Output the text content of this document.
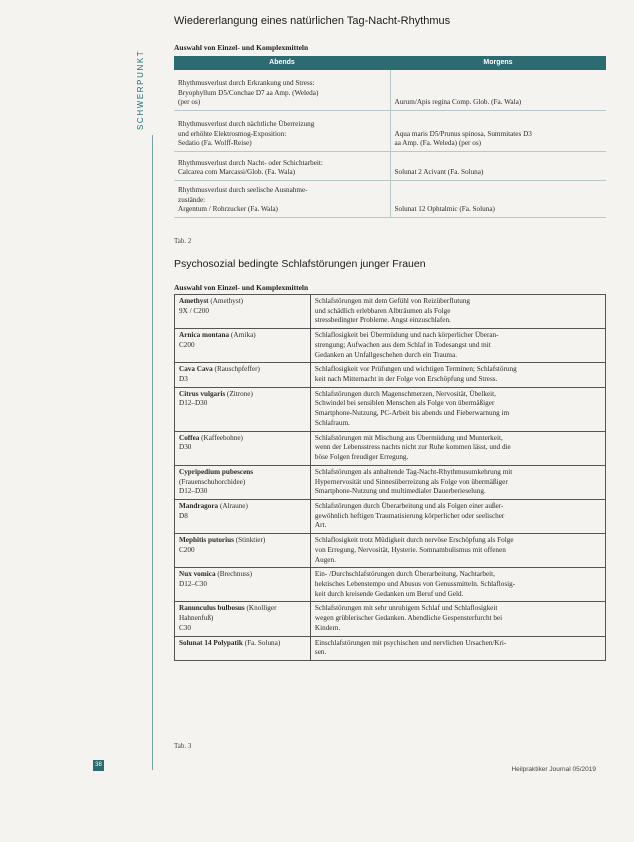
SCHWERPUNKT
Wiedererlangung eines natürlichen Tag-Nacht-Rhythmus

Auswahl von Einzel- und Komplexmitteln

Abends	Morgens

Rhythmusverlust durch Erkrankung und Stress:
Bryophyllum D5/Conchae D7 aa Amp. (Weleda)
(per os)	Aurum/Apis regina Comp. Glob. (Fa. Wala)

Rhythmusverlust durch nächtliche Überreizung
und erhöhte Elektrosmog-Exposition:
Sedatio (Fa. Wolff-Reise)	Aqua maris D5/Prunus spinosa, Summitates D3
aa Amp. (Fa. Weleda) (per os)

Rhythmusverlust durch Nacht- oder Schichtarbeit:
Calcarea com Marcassi/Glob. (Fa. Wala)	Solunat 2 Acivant (Fa. Soluna)

Rhythmusverlust durch seelische Ausnahme-
zustände:
Argentum / Rohrzucker (Fa. Wala)	Solunat 12 Ophtalmic (Fa. Soluna)

Tab. 2

Psychosozial bedingte Schlafstörungen junger Frauen

Auswahl von Einzel- und Komplexmitteln

Amethyst (Amethyst)
9X / C200	Schlafstörungen mit dem Gefühl von Reizüberflutung
und schädlich erlebbaren Albträumen als Folge
stressbedingter Probleme. Angst einzuschlafen.

Arnica montana (Arnika)
C200	Schlaflosigkeit bei Übermüdung und nach körperlicher Überan-
strengung; Aufwachen aus dem Schlaf in Todesangst und mit
Gedanken an Unfallgeschehen durch ein Trauma.

Cava Cava (Rauschpfeffer)
D3	Schlaflosigkeit vor Prüfungen und wichtigen Terminen; Schlafstörung
keit nach Mitternacht in der Folge von Erschöpfung und Stress.

Citrus vulgaris (Zitrone)
D12–D30	Schlafstörungen durch Magenschmerzen, Nervosität, Übelkeit,
Schwindel bei sensiblen Menschen als Folge von übermäßiger
Smartphone-Nutzung, PC-Arbeit bis abends und Fieberwarnung im
Schlafraum.

Coffea (Kaffeebohne)
D30	Schlafstörungen mit Mischung aus Übermüdung und Munterkeit,
wenn der Lebensstress nachts nicht zur Ruhe kommen lässt, und die
böse Folgen freudiger Erregung.

Cypripedium pubescens (Frauenschuhorchidee)
D12–D30	Schlafstörungen als anhaltende Tag-Nacht-Rhythmusumkehrung mit
Hypernervosität und Sinnesüberreizung als Folge von übermäßiger
Smartphone-Nutzung und multimedialer Dauerberieselung.

Mandragora (Alraune)
D8	Schlafstörungen durch Überarbeitung und als Folgen einer außer-
gewöhnlich heftigen Traumatisierung körperlicher oder seelischer
Art.

Mephitis putorius (Stinktier)
C200	Schlaflosigkeit trotz Müdigkeit durch nervöse Erschöpfung als Folge
von Erregung, Nervosität, Hysterie. Somnambulismus mit offenen
Augen.

Nux vomica (Brechnuss)
D12–C30	Ein- /Durchschlafstörungen durch Überarbeitung, Nachtarbeit,
hektisches Lebenstempo und Abusus von Genussmitteln. Schlaflosig-
keit durch kreisende Gedanken um Beruf und Geld.

Ranunculus bulbosus (Knolliger Hahnenfuß)
C30	Schlafstörungen mit sehr unruhigem Schlaf und Schlaflosigkeit
wegen grüblerischer Gedanken. Abendliche Gespensterfurcht bei
Kindern.

Solunat 14 Polypatik (Fa. Soluna)	Einschlafstörungen mit psychischen und nervlichen Ursachen/Kri-
sen.

Tab. 3

38
Heilpraktiker Journal 05/2019
